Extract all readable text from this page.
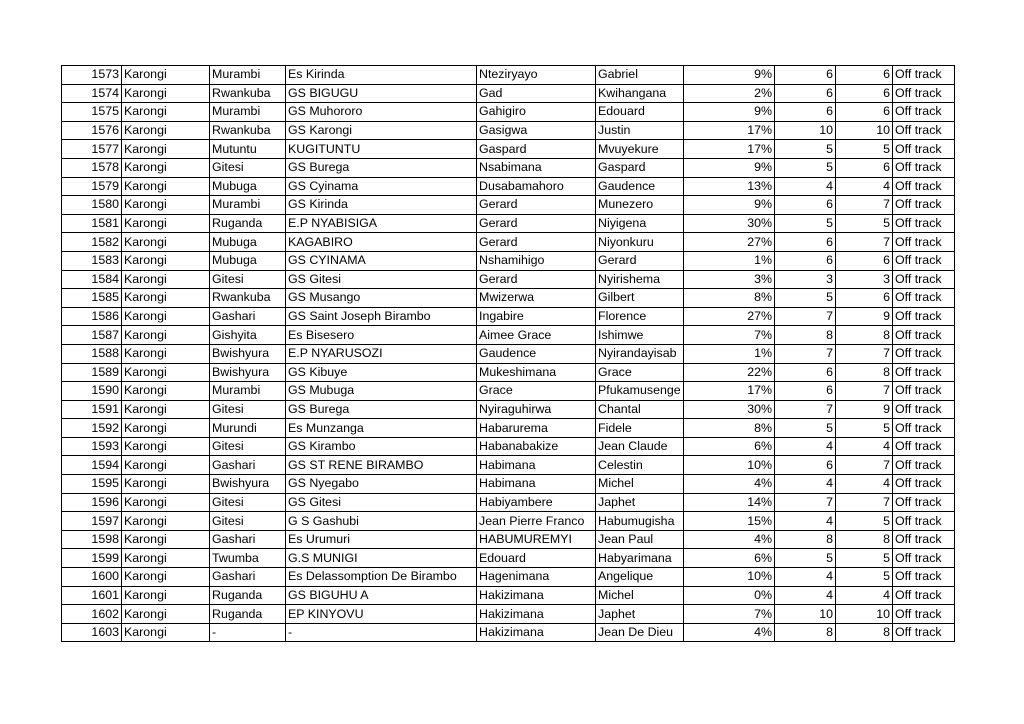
1573	Karongi	Murambi	Es Kirinda	Nteziryayo	Gabriel	9%	6	6	Off track
1574	Karongi	Rwankuba	GS BIGUGU	Gad	Kwihangana	2%	6	6	Off track
1575	Karongi	Murambi	GS Muhororo	Gahigiro	Edouard	9%	6	6	Off track
1576	Karongi	Rwankuba	GS Karongi	Gasigwa	Justin	17%	10	10	Off track
1577	Karongi	Mutuntu	KUGITUNTU	Gaspard	Mvuyekure	17%	5	5	Off track
1578	Karongi	Gitesi	GS Burega	Nsabimana	Gaspard	9%	5	6	Off track
1579	Karongi	Mubuga	GS Cyinama	Dusabamahoro	Gaudence	13%	4	4	Off track
1580	Karongi	Murambi	GS Kirinda	Gerard	Munezero	9%	6	7	Off track
1581	Karongi	Ruganda	E.P NYABISIGA	Gerard	Niyigena	30%	5	5	Off track
1582	Karongi	Mubuga	KAGABIRO	Gerard	Niyonkuru	27%	6	7	Off track
1583	Karongi	Mubuga	GS CYINAMA	Nshamihigo	Gerard	1%	6	6	Off track
1584	Karongi	Gitesi	GS Gitesi	Gerard	Nyirishema	3%	3	3	Off track
1585	Karongi	Rwankuba	GS Musango	Mwizerwa	Gilbert	8%	5	6	Off track
1586	Karongi	Gashari	GS Saint Joseph Birambo	Ingabire	Florence	27%	7	9	Off track
1587	Karongi	Gishyita	Es Bisesero	Aimee Grace	Ishimwe	7%	8	8	Off track
1588	Karongi	Bwishyura	E.P NYARUSOZI	Gaudence	Nyirandayisab	1%	7	7	Off track
1589	Karongi	Bwishyura	GS Kibuye	Mukeshimana	Grace	22%	6	8	Off track
1590	Karongi	Murambi	GS Mubuga	Grace	Pfukamusenge	17%	6	7	Off track
1591	Karongi	Gitesi	GS Burega	Nyiraguhirwa	Chantal	30%	7	9	Off track
1592	Karongi	Murundi	Es Munzanga	Habarurema	Fidele	8%	5	5	Off track
1593	Karongi	Gitesi	GS Kirambo	Habanabakize	Jean Claude	6%	4	4	Off track
1594	Karongi	Gashari	GS ST RENE BIRAMBO	Habimana	Celestin	10%	6	7	Off track
1595	Karongi	Bwishyura	GS Nyegabo	Habimana	Michel	4%	4	4	Off track
1596	Karongi	Gitesi	GS Gitesi	Habiyambere	Japhet	14%	7	7	Off track
1597	Karongi	Gitesi	G S Gashubi	Jean Pierre Franco	Habumugisha	15%	4	5	Off track
1598	Karongi	Gashari	Es Urumuri	HABUMUREMYI	Jean Paul	4%	8	8	Off track
1599	Karongi	Twumba	G.S MUNIGI	Edouard	Habyarimana	6%	5	5	Off track
1600	Karongi	Gashari	Es Delassomption De Birambo	Hagenimana	Angelique	10%	4	5	Off track
1601	Karongi	Ruganda	GS BIGUHU A	Hakizimana	Michel	0%	4	4	Off track
1602	Karongi	Ruganda	EP KINYOVU	Hakizimana	Japhet	7%	10	10	Off track
1603	Karongi	-	-	Hakizimana	Jean De Dieu	4%	8	8	Off track
